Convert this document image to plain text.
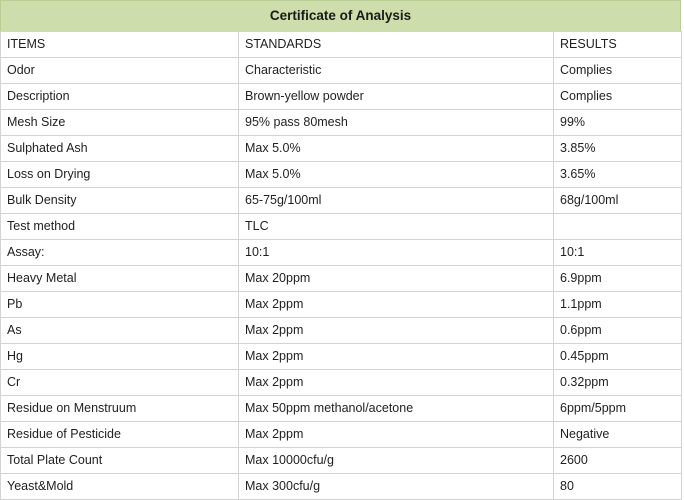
Certificate of Analysis
ITEMS	STANDARDS	RESULTS
Odor	Characteristic	Complies
Description	Brown-yellow powder	Complies
Mesh Size	95% pass 80mesh	99%
Sulphated Ash	Max 5.0%	3.85%
Loss on Drying	Max 5.0%	3.65%
Bulk Density	65-75g/100ml	68g/100ml
Test method	TLC	
Assay:	10:1	10:1
Heavy Metal	Max 20ppm	6.9ppm
Pb	Max 2ppm	1.1ppm
As	Max 2ppm	0.6ppm
Hg	Max 2ppm	0.45ppm
Cr	Max 2ppm	0.32ppm
Residue on Menstruum	Max 50ppm methanol/acetone	6ppm/5ppm
Residue of Pesticide	Max 2ppm	Negative
Total Plate Count	Max 10000cfu/g	2600
Yeast&Mold	Max 300cfu/g	80
